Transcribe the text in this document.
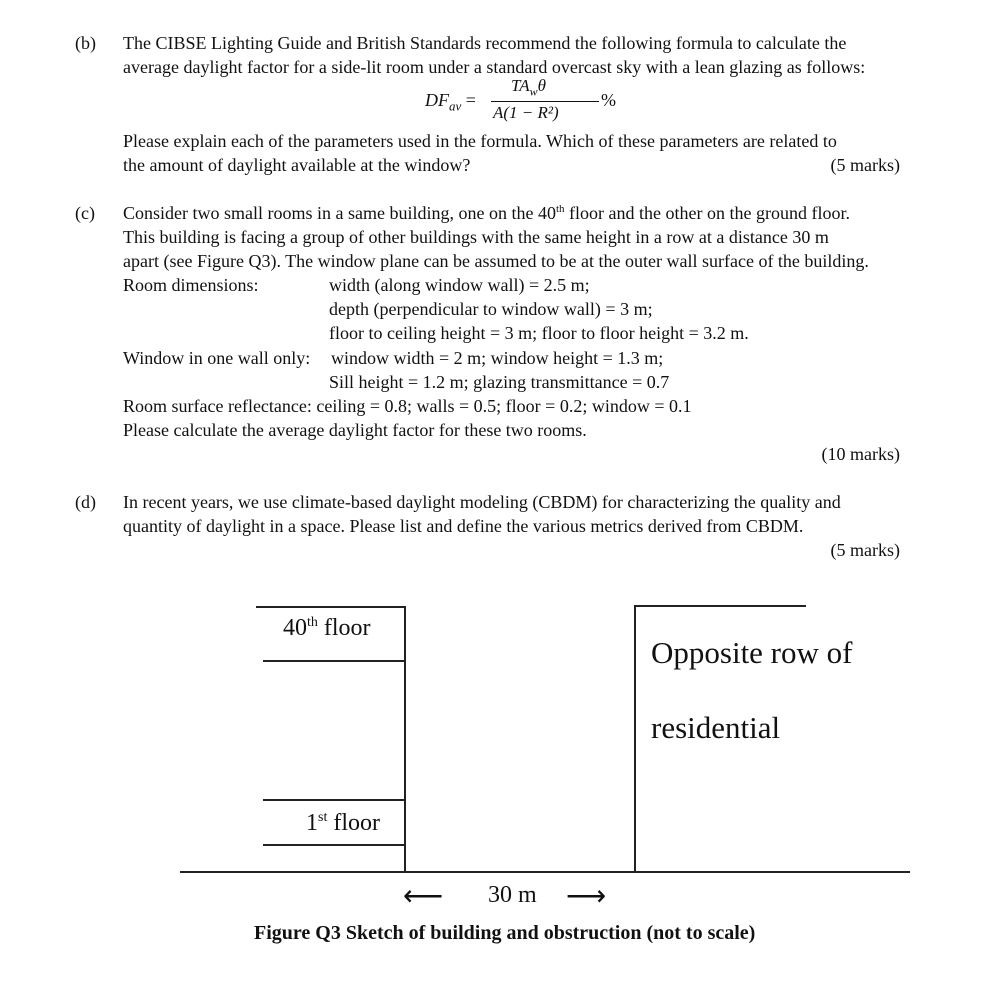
(b) The CIBSE Lighting Guide and British Standards recommend the following formula to calculate the
average daylight factor for a side-lit room under a standard overcast sky with a lean glazing as follows:
$DF_{av}$ =
$TA_w\theta$
A(1 − R²)
%
Please explain each of the parameters used in the formula. Which of these parameters are related to
the amount of daylight available at the window?	(5 marks)
(c) Consider two small rooms in a same building, one on the 40th floor and the other on the ground floor.
This building is facing a group of other buildings with the same height in a row at a distance 30 m
apart (see Figure Q3). The window plane can be assumed to be at the outer wall surface of the building.
Room dimensions:	width (along window wall) = 2.5 m;
depth (perpendicular to window wall) = 3 m;
floor to ceiling height = 3 m; floor to floor height = 3.2 m.
Window in one wall only: window width = 2 m; window height = 1.3 m;
Sill height = 1.2 m; glazing transmittance = 0.7
Room surface reflectance: ceiling = 0.8; walls = 0.5; floor = 0.2; window = 0.1
Please calculate the average daylight factor for these two rooms.
(10 marks)
(d) In recent years, we use climate-based daylight modeling (CBDM) for characterizing the quality and
quantity of daylight in a space. Please list and define the various metrics derived from CBDM.
(5 marks)
40th floor
1st floor
Opposite row of
residential
⟵ 30 m ⟶
Figure Q3 Sketch of building and obstruction (not to scale)
